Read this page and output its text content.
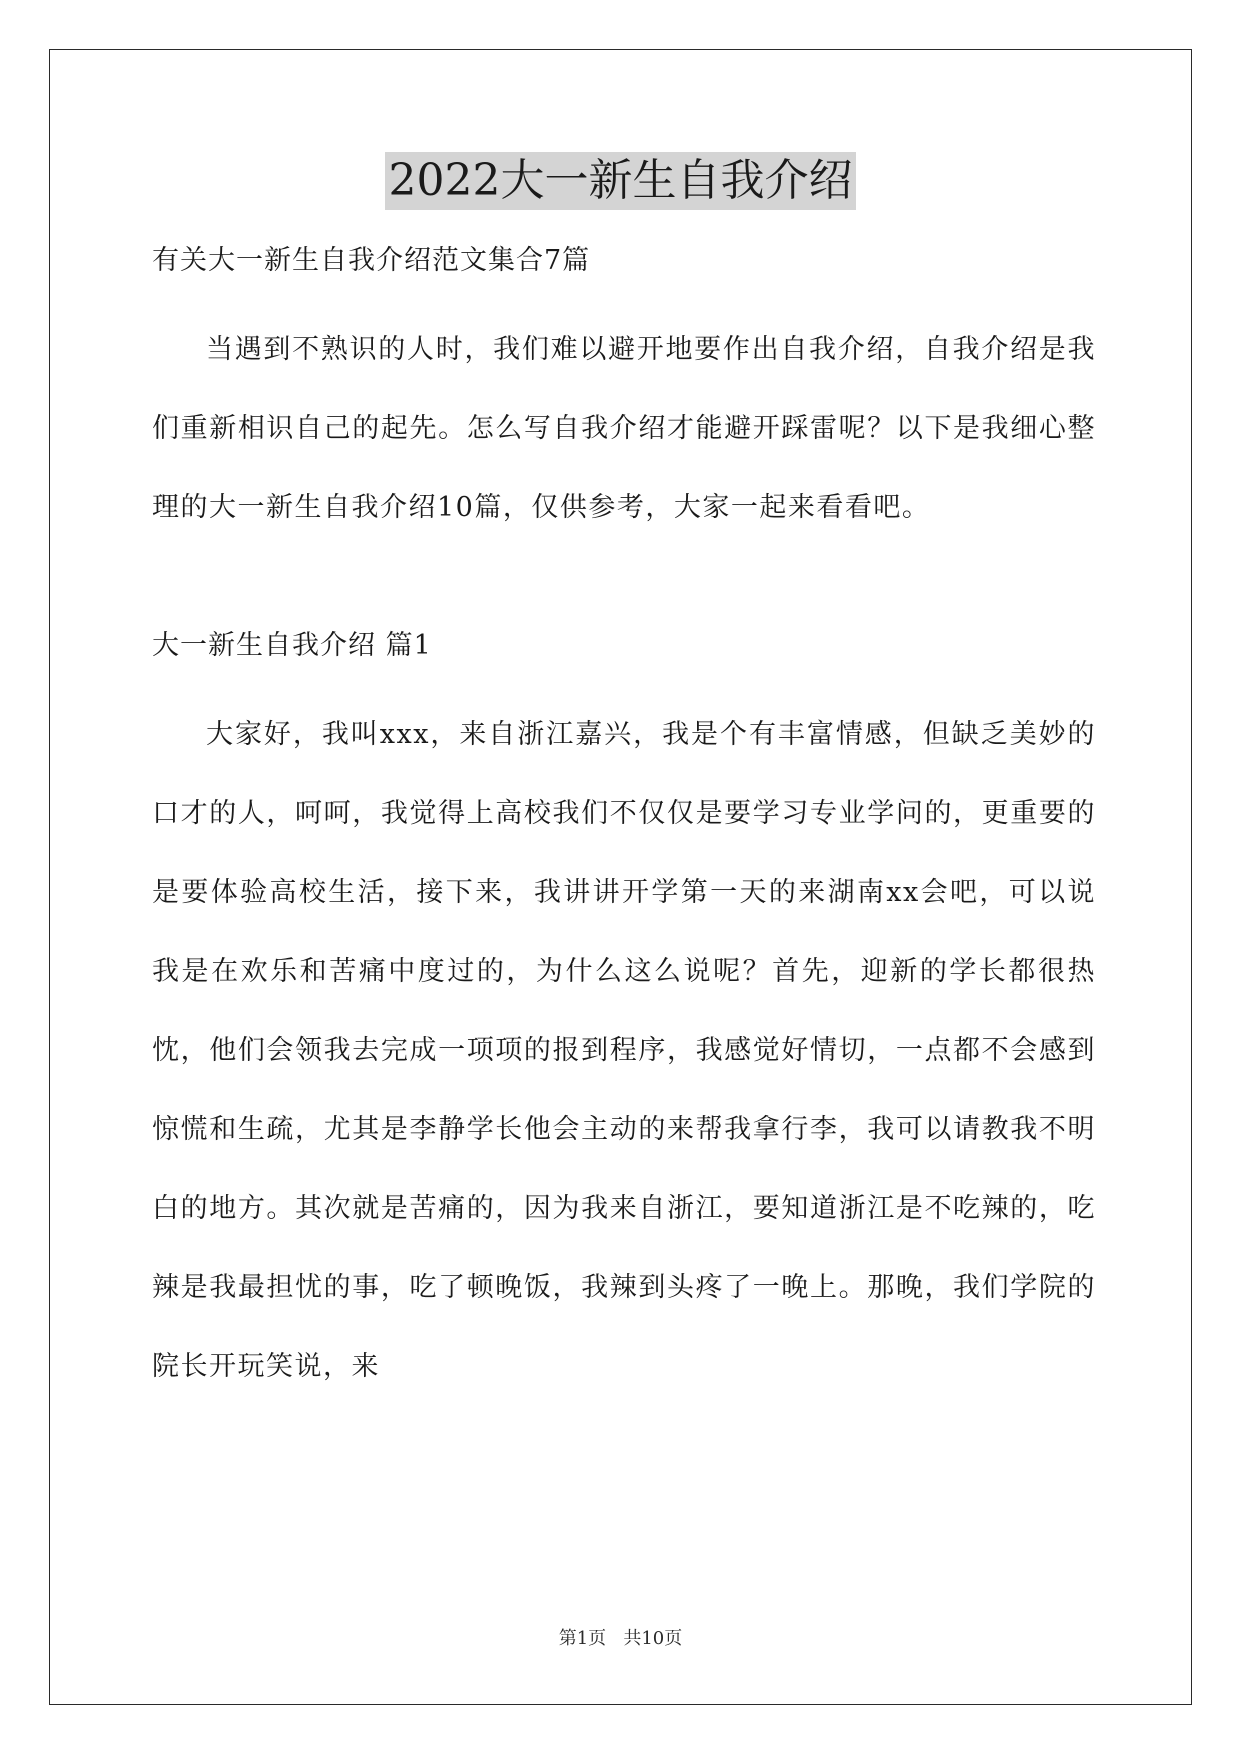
2022大一新生自我介绍

有关大一新生自我介绍范文集合7篇

当遇到不熟识的人时，我们难以避开地要作出自我介绍，自我介绍是我们重新相识自己的起先。怎么写自我介绍才能避开踩雷呢？以下是我细心整理的大一新生自我介绍10篇，仅供参考，大家一起来看看吧。

大一新生自我介绍 篇1

大家好，我叫xxx，来自浙江嘉兴，我是个有丰富情感，但缺乏美妙的口才的人，呵呵，我觉得上高校我们不仅仅是要学习专业学问的，更重要的是要体验高校生活，接下来，我讲讲开学第一天的来湖南xx会吧，可以说我是在欢乐和苦痛中度过的，为什么这么说呢？首先，迎新的学长都很热忱，他们会领我去完成一项项的报到程序，我感觉好情切，一点都不会感到惊慌和生疏，尤其是李静学长他会主动的来帮我拿行李，我可以请教我不明白的地方。其次就是苦痛的，因为我来自浙江，要知道浙江是不吃辣的，吃辣是我最担忧的事，吃了顿晚饭，我辣到头疼了一晚上。那晚，我们学院的院长开玩笑说，来

第1页   共10页
